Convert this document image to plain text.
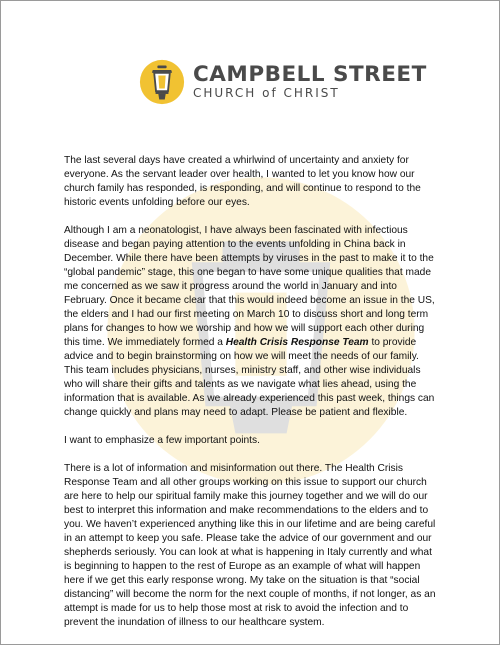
CAMPBELL STREET
CHURCH of CHRIST

The last several days have created a whirlwind of uncertainty and anxiety for everyone. As the servant leader over health, I wanted to let you know how our church family has responded, is responding, and will continue to respond to the historic events unfolding before our eyes.

Although I am a neonatologist, I have always been fascinated with infectious disease and began paying attention to the events unfolding in China back in December. While there have been attempts by viruses in the past to make it to the “global pandemic” stage, this one began to have some unique qualities that made me concerned as we saw it progress around the world in January and into February. Once it became clear that this would indeed become an issue in the US, the elders and I had our first meeting on March 10 to discuss short and long term plans for changes to how we worship and how we will support each other during this time. We immediately formed a Health Crisis Response Team to provide advice and to begin brainstorming on how we will meet the needs of our family. This team includes physicians, nurses, ministry staff, and other wise individuals who will share their gifts and talents as we navigate what lies ahead, using the information that is available. As we already experienced this past week, things can change quickly and plans may need to adapt. Please be patient and flexible.

I want to emphasize a few important points.

There is a lot of information and misinformation out there. The Health Crisis Response Team and all other groups working on this issue to support our church are here to help our spiritual family make this journey together and we will do our best to interpret this information and make recommendations to the elders and to you. We haven’t experienced anything like this in our lifetime and are being careful in an attempt to keep you safe. Please take the advice of our government and our shepherds seriously. You can look at what is happening in Italy currently and what is beginning to happen to the rest of Europe as an example of what will happen here if we get this early response wrong. My take on the situation is that “social distancing” will become the norm for the next couple of months, if not longer, as an attempt is made for us to help those most at risk to avoid the infection and to prevent the inundation of illness to our healthcare system.
